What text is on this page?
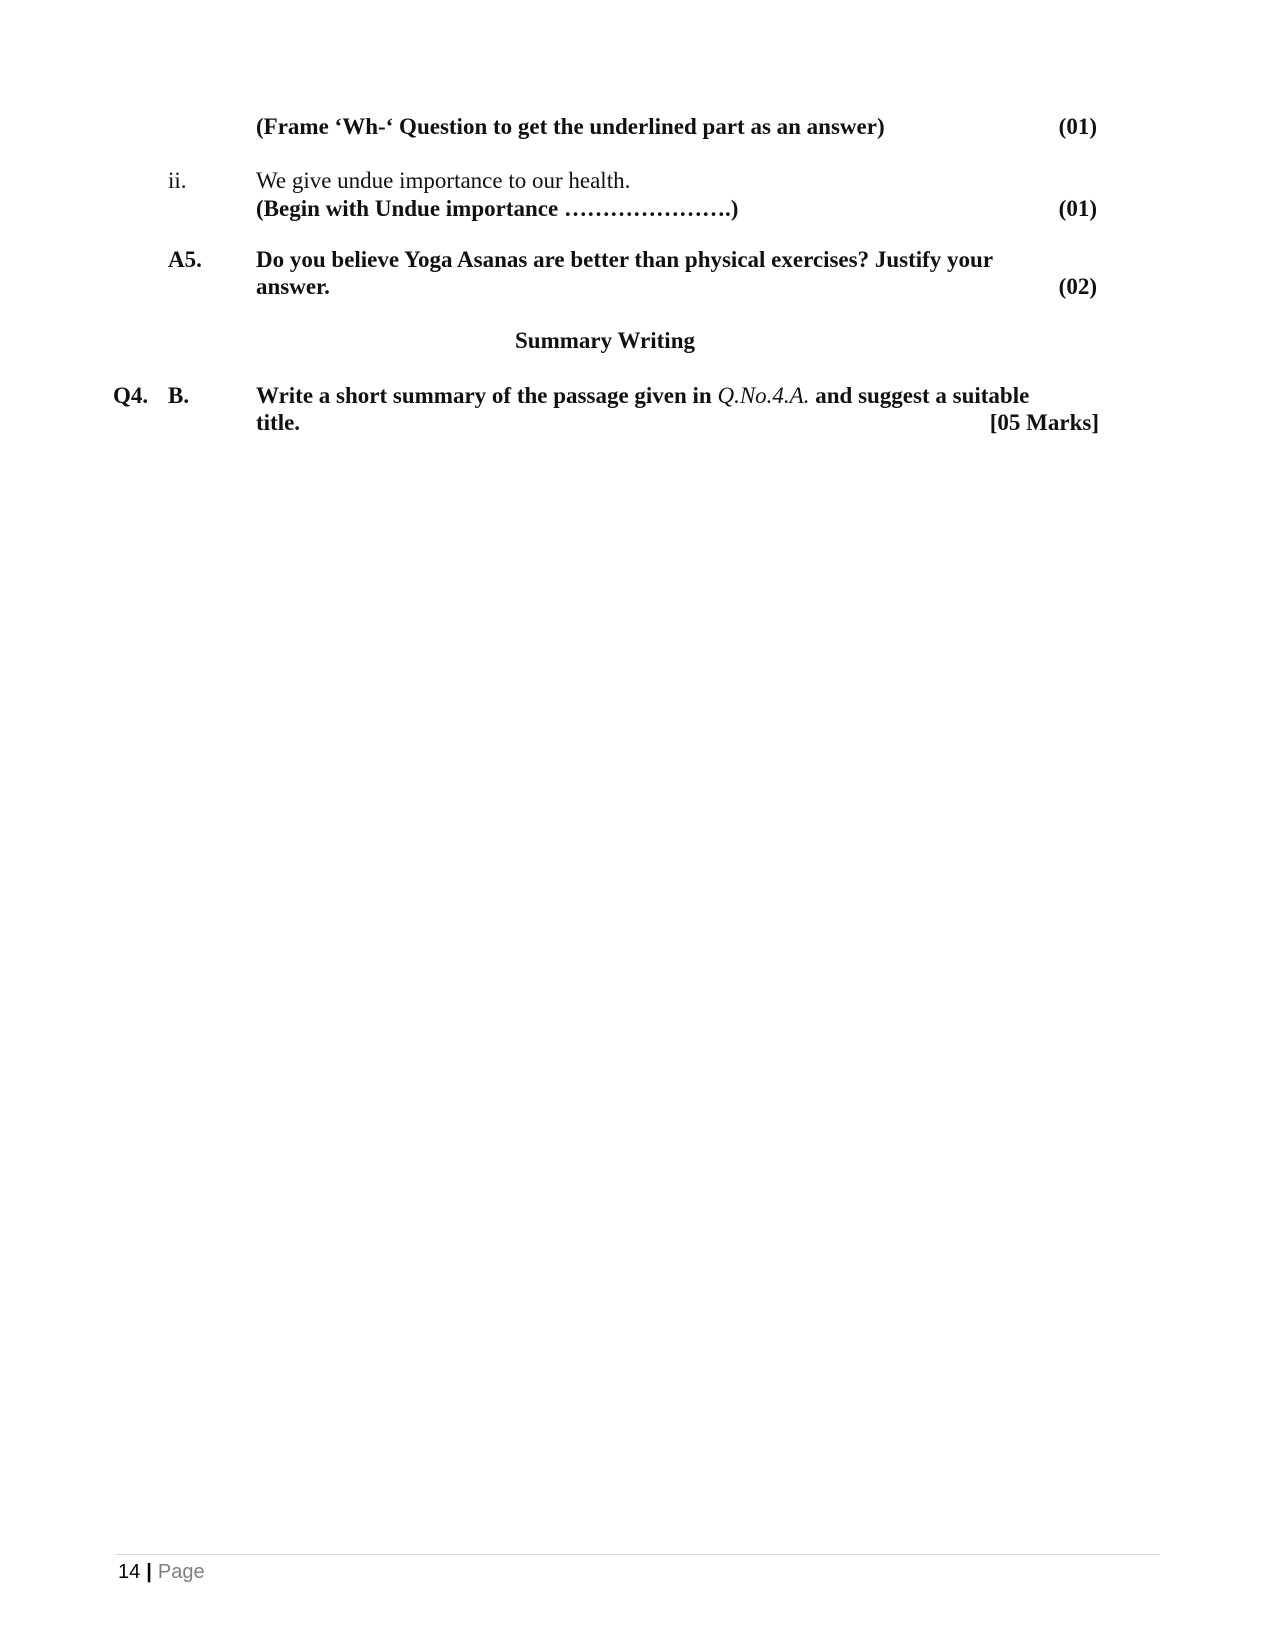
(Frame ‘Wh-‘ Question to get the underlined part as an answer)	(01)
ii.	We give undue importance to our health.
(Begin with Undue importance ………………….)	(01)
A5. Do you believe Yoga Asanas are better than physical exercises? Justify your
answer.	(02)
Summary Writing
Q4. B.	Write a short summary of the passage given in Q.No.4.A. and suggest a suitable
title.	[05 Marks]
14 | Page
